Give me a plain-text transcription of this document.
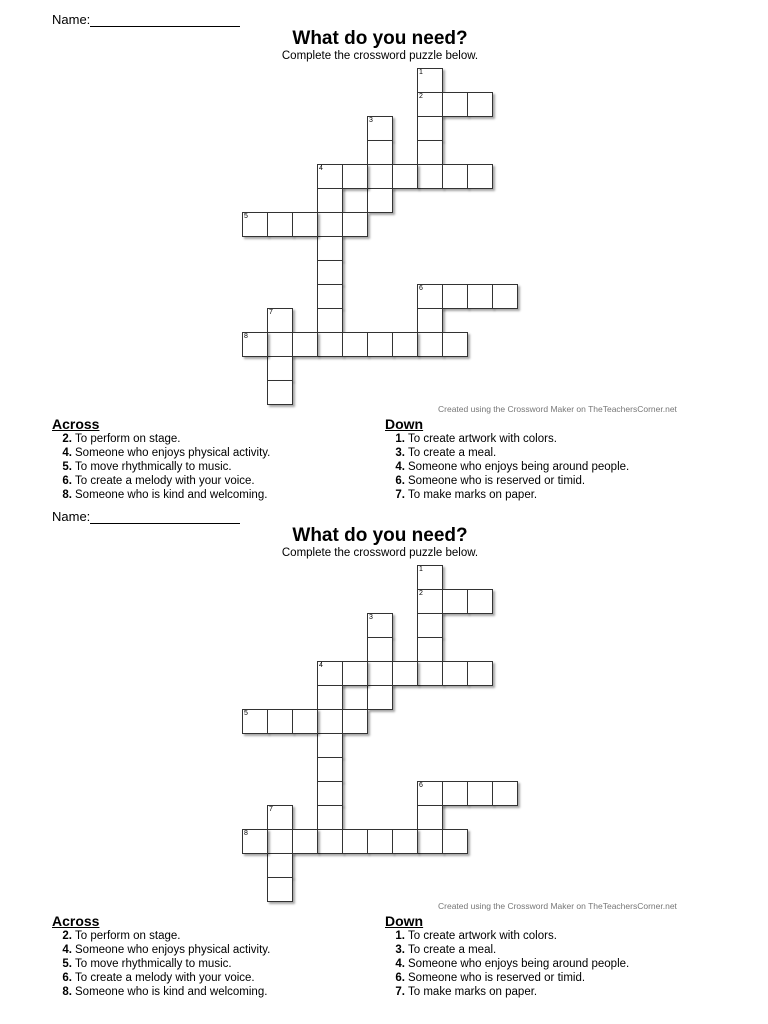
Name:
What do you need?
Complete the crossword puzzle below.
1
2
3
4
5
6
7
8
Created using the Crossword Maker on TheTeachersCorner.net
Across
2. To perform on stage.
4. Someone who enjoys physical activity.
5. To move rhythmically to music.
6. To create a melody with your voice.
8. Someone who is kind and welcoming.
Down
1. To create artwork with colors.
3. To create a meal.
4. Someone who enjoys being around people.
6. Someone who is reserved or timid.
7. To make marks on paper.
Name:
What do you need?
Complete the crossword puzzle below.
1
2
3
4
5
6
7
8
Created using the Crossword Maker on TheTeachersCorner.net
Across
2. To perform on stage.
4. Someone who enjoys physical activity.
5. To move rhythmically to music.
6. To create a melody with your voice.
8. Someone who is kind and welcoming.
Down
1. To create artwork with colors.
3. To create a meal.
4. Someone who enjoys being around people.
6. Someone who is reserved or timid.
7. To make marks on paper.
